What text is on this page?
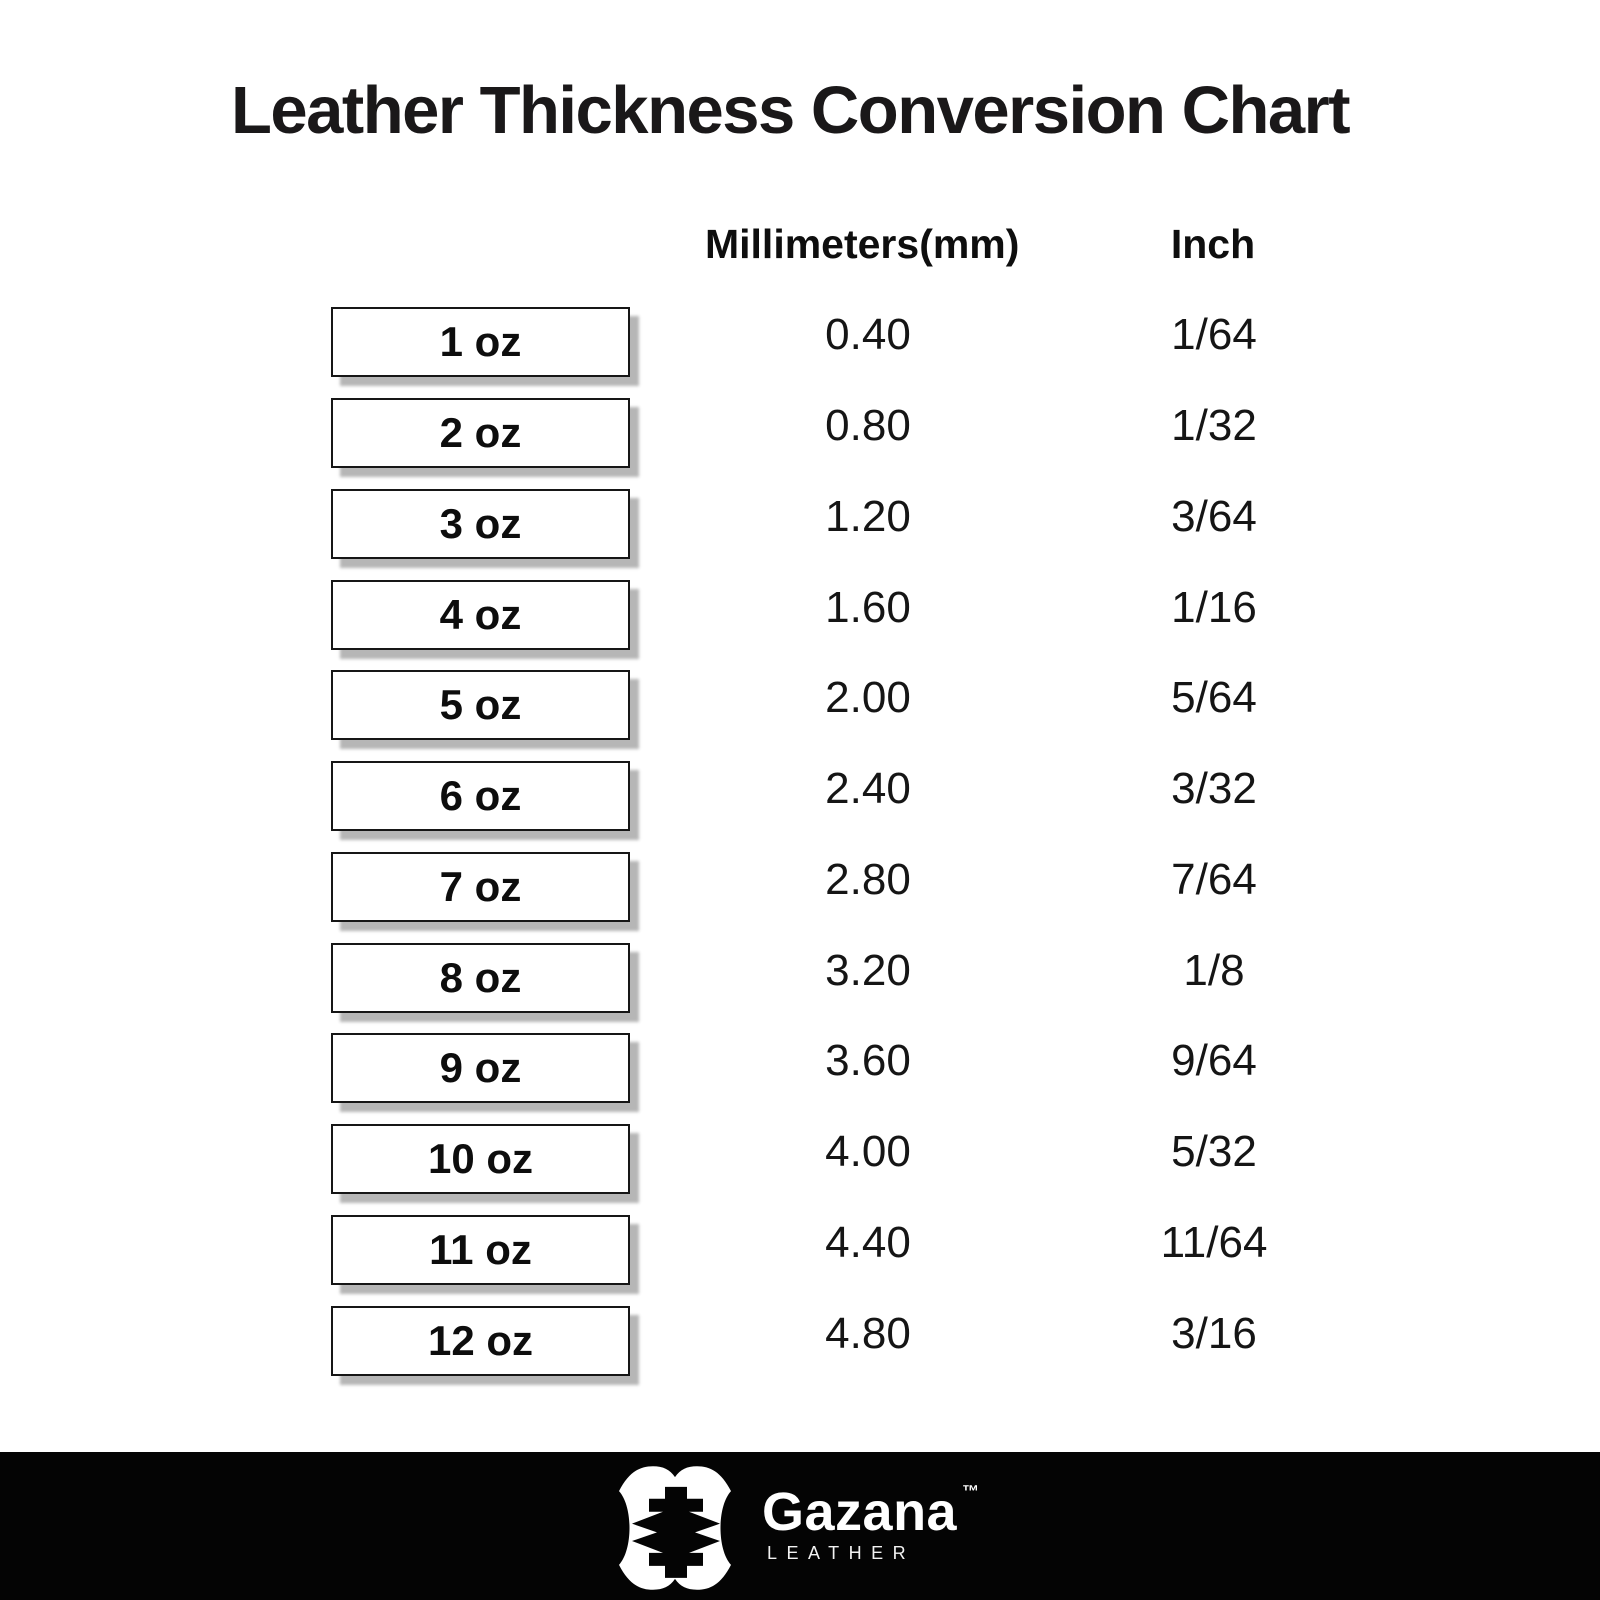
Leather Thickness Conversion Chart
Millimeters(mm)	Inch
1 oz	0.40	1/64
2 oz	0.80	1/32
3 oz	1.20	3/64
4 oz	1.60	1/16
5 oz	2.00	5/64
6 oz	2.40	3/32
7 oz	2.80	7/64
8 oz	3.20	1/8
9 oz	3.60	9/64
10 oz	4.00	5/32
11 oz	4.40	11/64
12 oz	4.80	3/16
Gazana ™
LEATHER
